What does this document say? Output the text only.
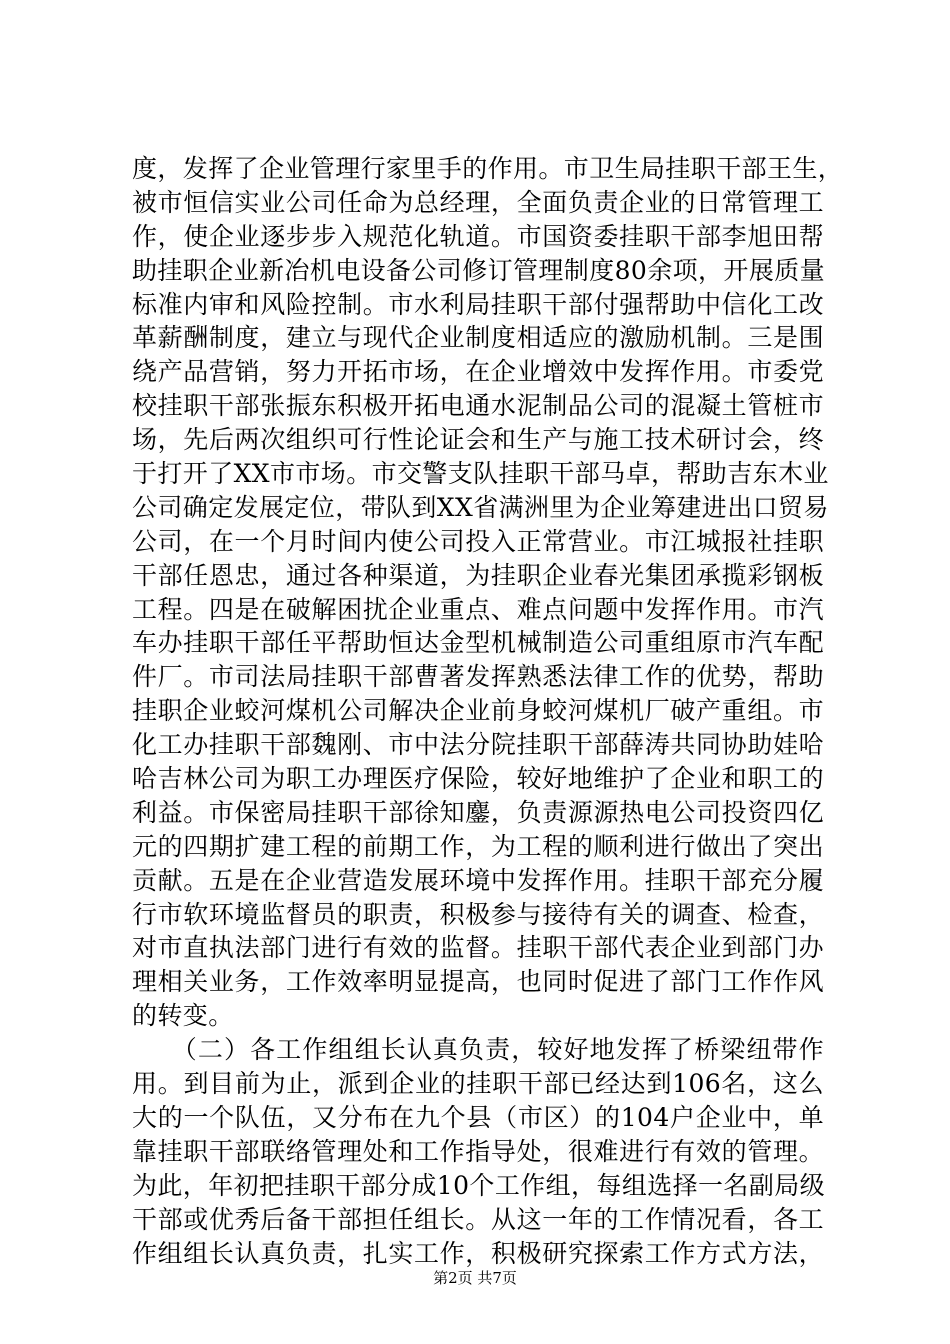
度，发挥了企业管理行家里手的作用。市卫生局挂职干部王生，
被市恒信实业公司任命为总经理，全面负责企业的日常管理工
作，使企业逐步步入规范化轨道。市国资委挂职干部李旭田帮
助挂职企业新冶机电设备公司修订管理制度80余项，开展质量
标准内审和风险控制。市水利局挂职干部付强帮助中信化工改
革薪酬制度，建立与现代企业制度相适应的激励机制。三是围
绕产品营销，努力开拓市场，在企业增效中发挥作用。市委党
校挂职干部张振东积极开拓电通水泥制品公司的混凝土管桩市
场，先后两次组织可行性论证会和生产与施工技术研讨会，终
于打开了XX市市场。市交警支队挂职干部马卓，帮助吉东木业
公司确定发展定位，带队到XX省满洲里为企业筹建进出口贸易
公司，在一个月时间内使公司投入正常营业。市江城报社挂职
干部任恩忠，通过各种渠道，为挂职企业春光集团承揽彩钢板
工程。四是在破解困扰企业重点、难点问题中发挥作用。市汽
车办挂职干部任平帮助恒达金型机械制造公司重组原市汽车配
件厂。市司法局挂职干部曹著发挥熟悉法律工作的优势，帮助
挂职企业蛟河煤机公司解决企业前身蛟河煤机厂破产重组。市
化工办挂职干部魏刚、市中法分院挂职干部薛涛共同协助娃哈
哈吉林公司为职工办理医疗保险，较好地维护了企业和职工的
利益。市保密局挂职干部徐知鏖，负责源源热电公司投资四亿
元的四期扩建工程的前期工作，为工程的顺利进行做出了突出
贡献。五是在企业营造发展环境中发挥作用。挂职干部充分履
行市软环境监督员的职责，积极参与接待有关的调查、检查，
对市直执法部门进行有效的监督。挂职干部代表企业到部门办
理相关业务，工作效率明显提高，也同时促进了部门工作作风
的转变。
　　（二）各工作组组长认真负责，较好地发挥了桥梁纽带作
用。到目前为止，派到企业的挂职干部已经达到106名，这么
大的一个队伍，又分布在九个县（市区）的104户企业中，单
靠挂职干部联络管理处和工作指导处，很难进行有效的管理。
为此，年初把挂职干部分成10个工作组，每组选择一名副局级
干部或优秀后备干部担任组长。从这一年的工作情况看，各工
作组组长认真负责，扎实工作，积极研究探索工作方式方法，
第2页 共7页
